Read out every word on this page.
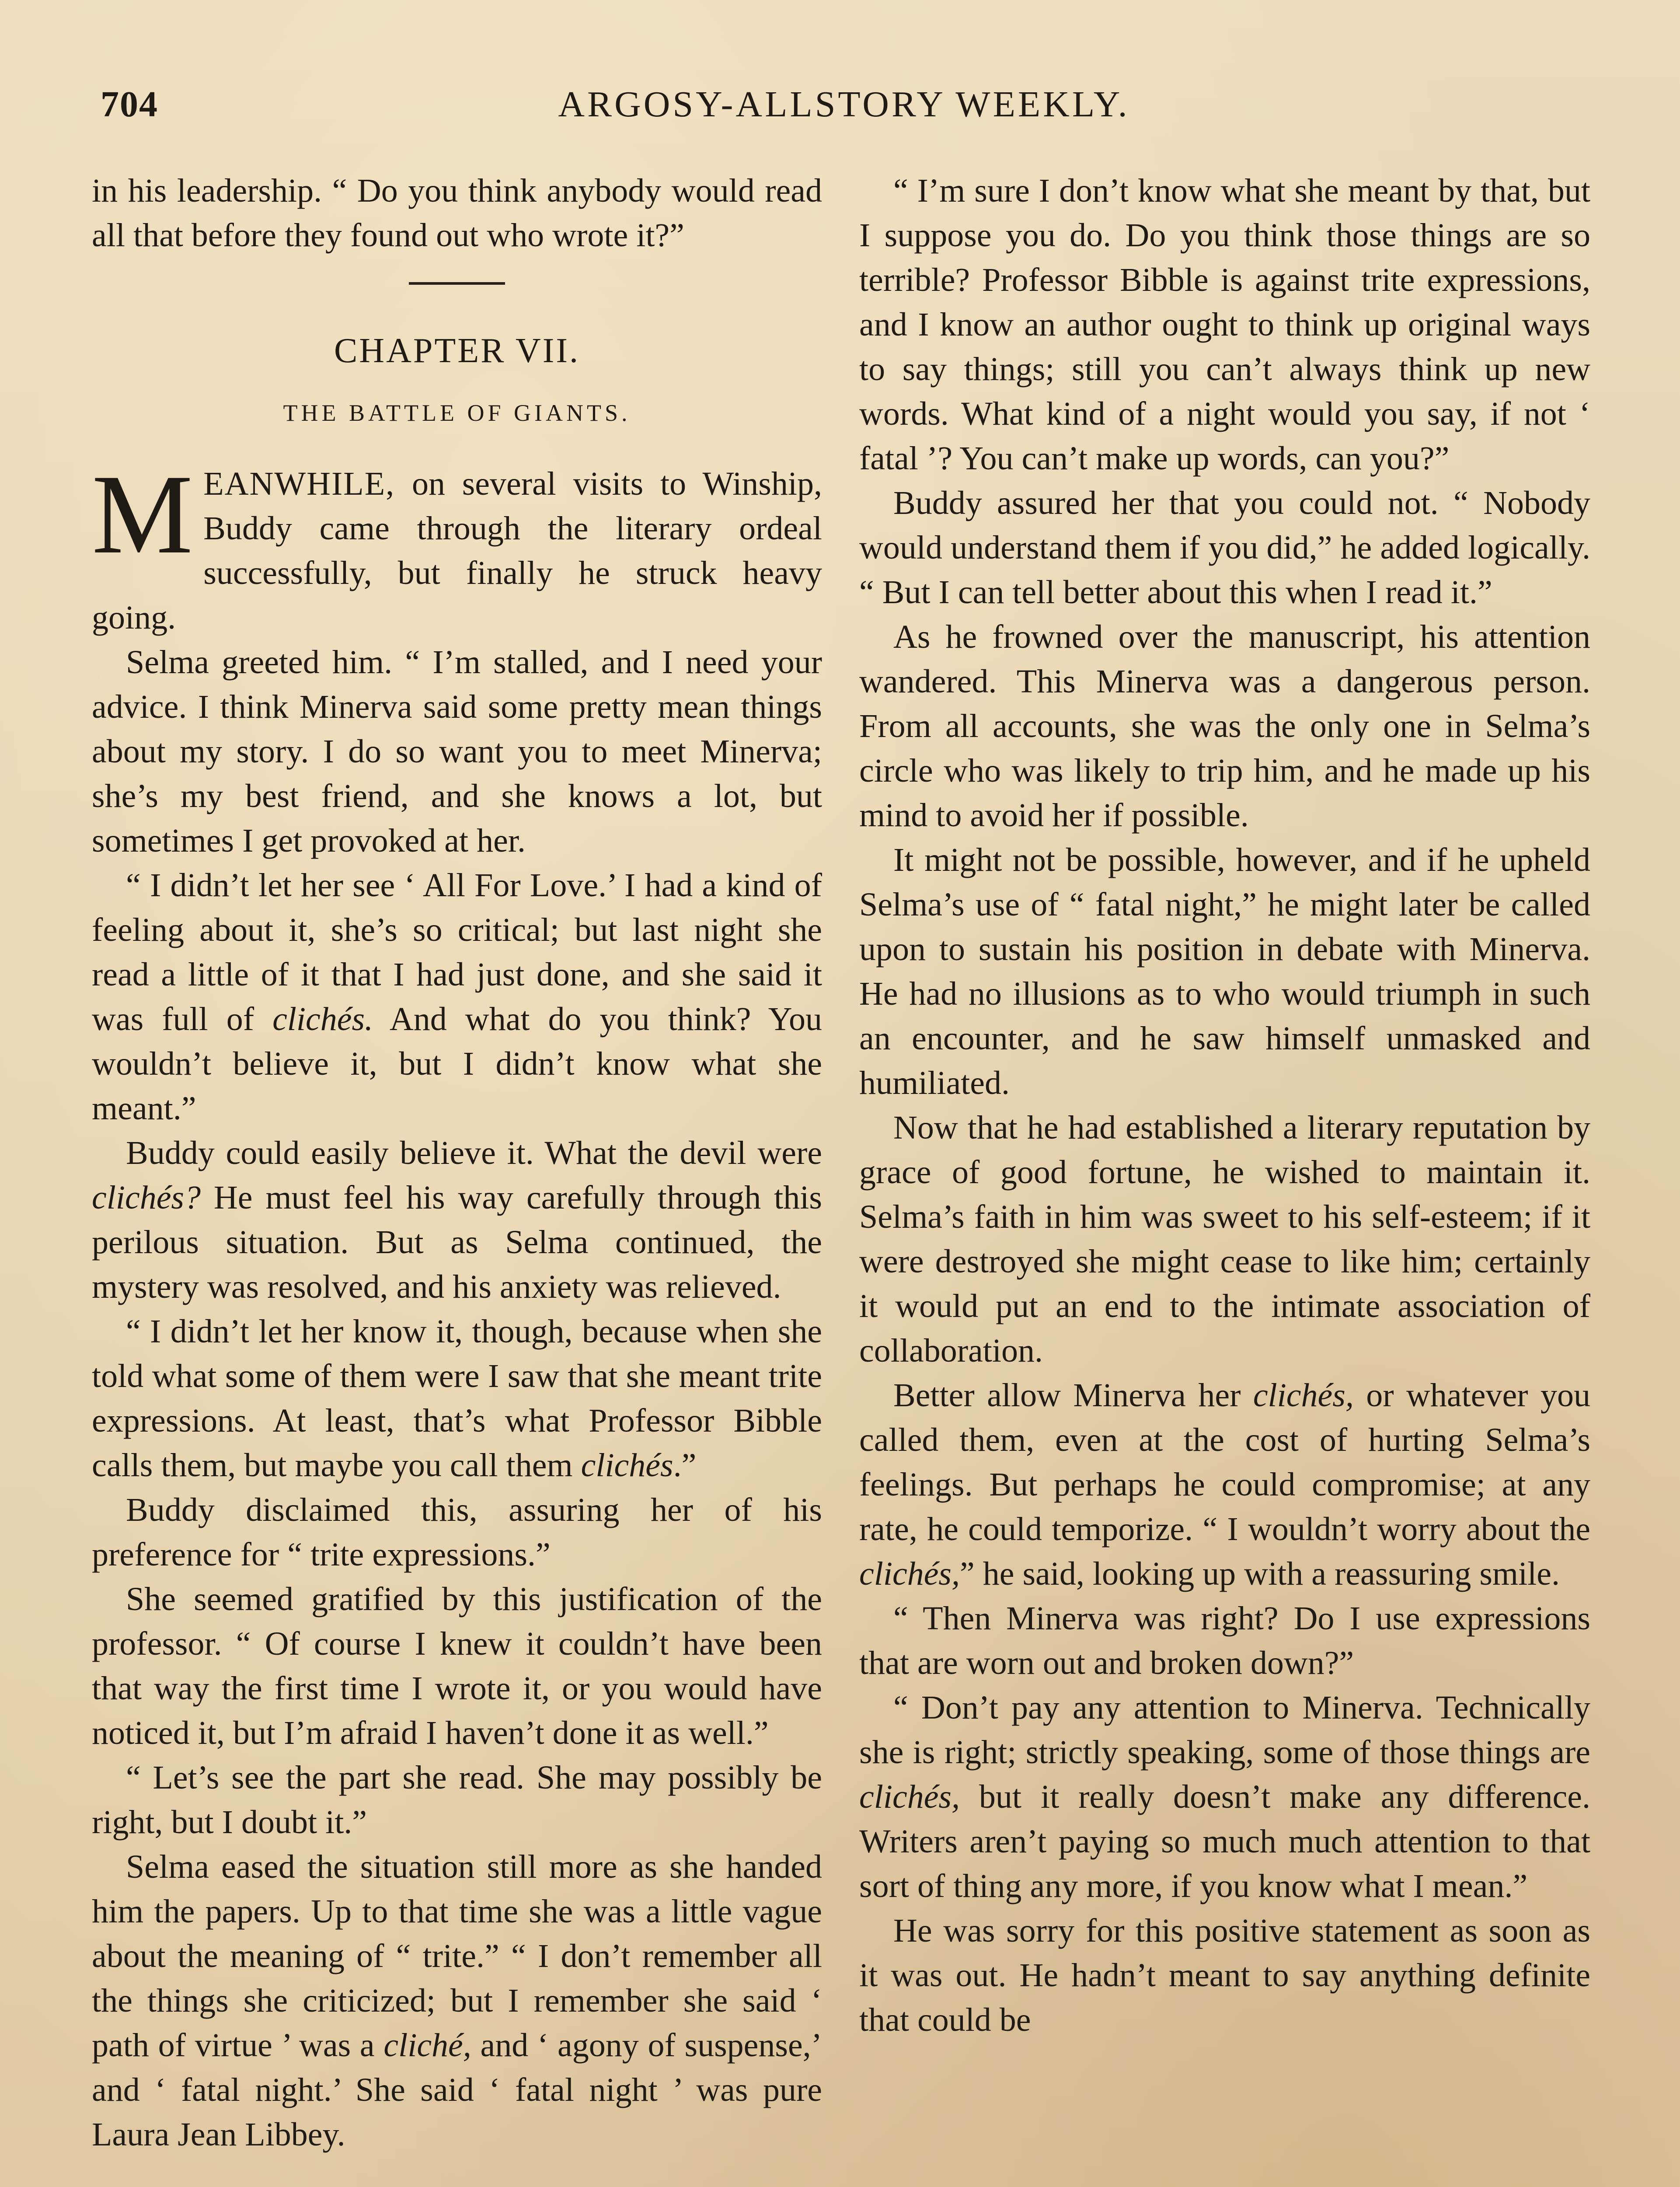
704	ARGOSY-ALLSTORY WEEKLY.

in his leadership. “ Do you think anybody would read all that before they found out who wrote it?”

CHAPTER VII.
THE BATTLE OF GIANTS.

MEANWHILE, on several visits to Winship, Buddy came through the literary ordeal successfully, but finally he struck heavy going.

Selma greeted him. “ I’m stalled, and I need your advice. I think Minerva said some pretty mean things about my story. I do so want you to meet Minerva; she’s my best friend, and she knows a lot, but sometimes I get provoked at her.

“ I didn’t let her see ‘ All For Love.’ I had a kind of feeling about it, she’s so critical; but last night she read a little of it that I had just done, and she said it was full of clichés. And what do you think? You wouldn’t believe it, but I didn’t know what she meant.”

Buddy could easily believe it. What the devil were clichés? He must feel his way carefully through this perilous situation. But as Selma continued, the mystery was resolved, and his anxiety was relieved.

“ I didn’t let her know it, though, because when she told what some of them were I saw that she meant trite expressions. At least, that’s what Professor Bibble calls them, but maybe you call them clichés.”

Buddy disclaimed this, assuring her of his preference for “ trite expressions.”

She seemed gratified by this justification of the professor. “ Of course I knew it couldn’t have been that way the first time I wrote it, or you would have noticed it, but I’m afraid I haven’t done it as well.”

“ Let’s see the part she read. She may possibly be right, but I doubt it.”

Selma eased the situation still more as she handed him the papers. Up to that time she was a little vague about the meaning of “ trite.” “ I don’t remember all the things she criticized; but I remember she said ‘ path of virtue ’ was a cliché, and ‘ agony of suspense,’ and ‘ fatal night.’ She said ‘ fatal night ’ was pure Laura Jean Libbey.

“ I’m sure I don’t know what she meant by that, but I suppose you do. Do you think those things are so terrible? Professor Bibble is against trite expressions, and I know an author ought to think up original ways to say things; still you can’t always think up new words. What kind of a night would you say, if not ‘ fatal ’? You can’t make up words, can you?”

Buddy assured her that you could not. “ Nobody would understand them if you did,” he added logically. “ But I can tell better about this when I read it.”

As he frowned over the manuscript, his attention wandered. This Minerva was a dangerous person. From all accounts, she was the only one in Selma’s circle who was likely to trip him, and he made up his mind to avoid her if possible.

It might not be possible, however, and if he upheld Selma’s use of “ fatal night,” he might later be called upon to sustain his position in debate with Minerva. He had no illusions as to who would triumph in such an encounter, and he saw himself unmasked and humiliated.

Now that he had established a literary reputation by grace of good fortune, he wished to maintain it. Selma’s faith in him was sweet to his self-esteem; if it were destroyed she might cease to like him; certainly it would put an end to the intimate association of collaboration.

Better allow Minerva her clichés, or whatever you called them, even at the cost of hurting Selma’s feelings. But perhaps he could compromise; at any rate, he could temporize. “ I wouldn’t worry about the clichés,” he said, looking up with a reassuring smile.

“ Then Minerva was right? Do I use expressions that are worn out and broken down?”

“ Don’t pay any attention to Minerva. Technically she is right; strictly speaking, some of those things are clichés, but it really doesn’t make any difference. Writers aren’t paying so much much attention to that sort of thing any more, if you know what I mean.”

He was sorry for this positive statement as soon as it was out. He hadn’t meant to say anything definite that could be
